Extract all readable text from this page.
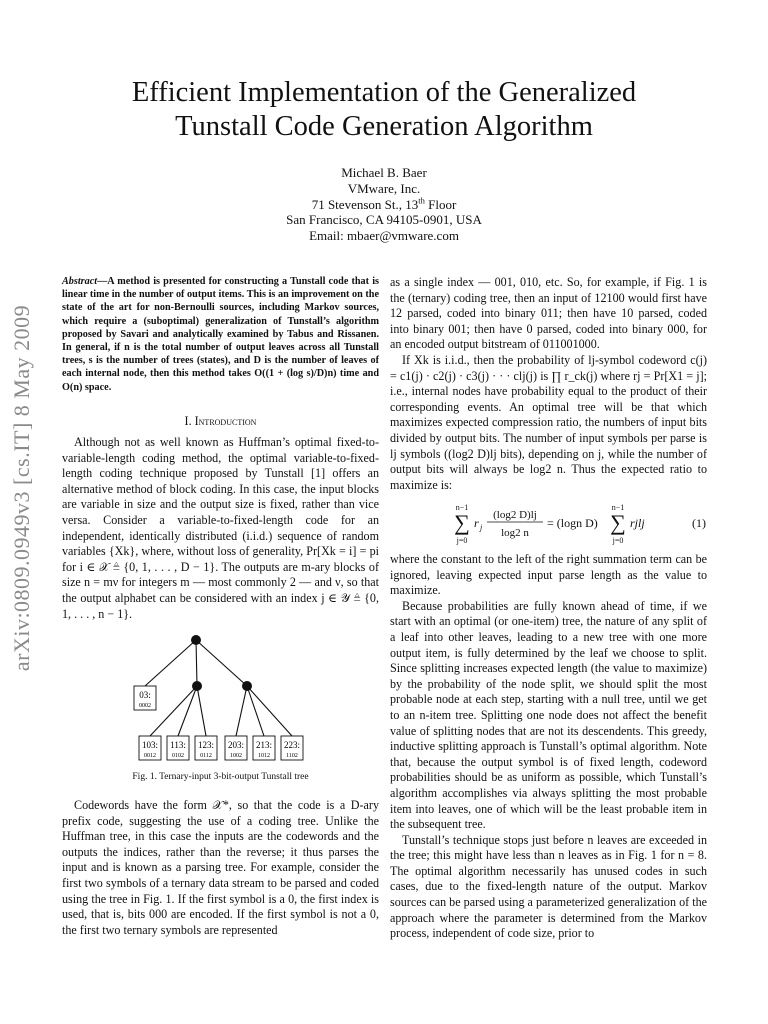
arXiv:0809.0949v3 [cs.IT] 8 May 2009
Efficient Implementation of the Generalized
Tunstall Code Generation Algorithm
Michael B. Baer
VMware, Inc.
71 Stevenson St., 13th Floor
San Francisco, CA 94105-0901, USA
Email: mbaer@vmware.com

Abstract—A method is presented for constructing a Tunstall code that is linear time in the number of output items. This is an improvement on the state of the art for non-Bernoulli sources, including Markov sources, which require a (suboptimal) generalization of Tunstall’s algorithm proposed by Savari and analytically examined by Tabus and Rissanen. In general, if n is the total number of output leaves across all Tunstall trees, s is the number of trees (states), and D is the number of leaves of each internal node, then this method takes O((1 + (log s)/D)n) time and O(n) space.

I. Introduction

Although not as well known as Huffman’s optimal fixed-to-variable-length coding method, the optimal variable-to-fixed-length coding technique proposed by Tunstall [1] offers an alternative method of block coding. In this case, the input blocks are variable in size and the output size is fixed, rather than vice versa. Consider a variable-to-fixed-length code for an independent, identically distributed (i.i.d.) sequence of random variables {Xk}, where, without loss of generality, Pr[Xk = i] = pi for i ∈ 𝒳 ≜ {0, 1, . . . , D − 1}. The outputs are m-ary blocks of size n = mν for integers m — most commonly 2 — and ν, so that the output alphabet can be considered with an index j ∈ 𝒴 ≜ {0, 1, . . . , n − 1}.

03:
0002
103:
0012
113:
0102
123:
0112
203:
1002
213:
1012
223:
1102
Fig. 1. Ternary-input 3-bit-output Tunstall tree

Codewords have the form 𝒳*, so that the code is a D-ary prefix code, suggesting the use of a coding tree. Unlike the Huffman tree, in this case the inputs are the codewords and the outputs the indices, rather than the reverse; it thus parses the input and is known as a parsing tree. For example, consider the first two symbols of a ternary data stream to be parsed and coded using the tree in Fig. 1. If the first symbol is a 0, the first index is used, that is, bits 000 are encoded. If the first symbol is not a 0, the first two ternary symbols are represented

as a single index — 001, 010, etc. So, for example, if Fig. 1 is the (ternary) coding tree, then an input of 12100 would first have 12 parsed, coded into binary 011; then have 10 parsed, coded into binary 001; then have 0 parsed, coded into binary 000, for an encoded output bitstream of 011001000.

If Xk is i.i.d., then the probability of lj-symbol codeword c(j) = c1(j) · c2(j) · c3(j) · · · clj(j) is ∏ r_ck(j) where rj = Pr[X1 = j]; i.e., internal nodes have probability equal to the product of their corresponding events. An optimal tree will be that which maximizes expected compression ratio, the numbers of input bits divided by output bits. The number of input symbols per parse is lj symbols ((log2 D)lj bits), depending on j, while the number of output bits will always be log2 n. Thus the expected ratio to maximize is:

n−1
∑
j=0
r j
(log2 D)lj
log2 n
= (logn D)
n−1
∑
j=0
rjlj	(1)

where the constant to the left of the right summation term can be ignored, leaving expected input parse length as the value to maximize.

Because probabilities are fully known ahead of time, if we start with an optimal (or one-item) tree, the nature of any split of a leaf into other leaves, leading to a new tree with one more output item, is fully determined by the leaf we choose to split. Since splitting increases expected length (the value to maximize) by the probability of the node split, we should split the most probable node at each step, starting with a null tree, until we get to an n-item tree. Splitting one node does not affect the benefit value of splitting nodes that are not its descendents. This greedy, inductive splitting approach is Tunstall’s optimal algorithm. Note that, because the output symbol is of fixed length, codeword probabilities should be as uniform as possible, which Tunstall’s algorithm accomplishes via always splitting the most probable item into leaves, one of which will be the least probable item in the subsequent tree.

Tunstall’s technique stops just before n leaves are exceeded in the tree; this might have less than n leaves as in Fig. 1 for n = 8. The optimal algorithm necessarily has unused codes in such cases, due to the fixed-length nature of the output. Markov sources can be parsed using a parameterized generalization of the approach where the parameter is determined from the Markov process, independent of code size, prior to
